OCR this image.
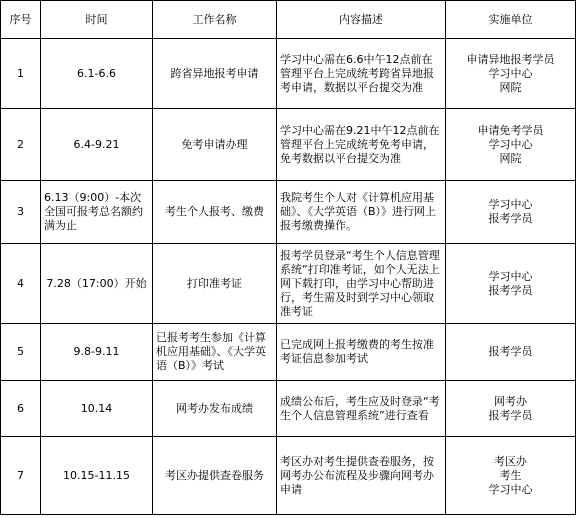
序号	时间	工作名称	内容描述	实施单位
1	6.1-6.6	跨省异地报考申请	学习中心需在6.6中午12点前在管理平台上完成统考跨省异地报考申请，数据以平台提交为准	申请异地报考学员
学习中心
网院
2	6.4-9.21	免考申请办理	学习中心需在9.21中午12点前在管理平台上完成统考免考申请，免考数据以平台提交为准	申请免考学员
学习中心
网院
3	6.13（9:00）-本次全国可报考总名额约满为止	考生个人报考、缴费	我院考生个人对《计算机应用基础》、《大学英语（B）》进行网上报考缴费操作。	学习中心
报考学员
4	7.28（17:00）开始	打印准考证	报考学员登录“考生个人信息管理系统”打印准考证，如个人无法上网下载打印，由学习中心帮助进行，考生需及时到学习中心领取准考证	学习中心
报考学员
5	9.8-9.11	已报考考生参加《计算机应用基础》、《大学英语（B）》考试	已完成网上报考缴费的考生按准考证信息参加考试	报考学员
6	10.14	网考办发布成绩	成绩公布后，考生应及时登录“考生个人信息管理系统”进行查看	网考办
报考学员
7	10.15-11.15	考区办提供查卷服务	考区办对考生提供查卷服务，按网考办公布流程及步骤向网考办申请	考区办
考生
学习中心
